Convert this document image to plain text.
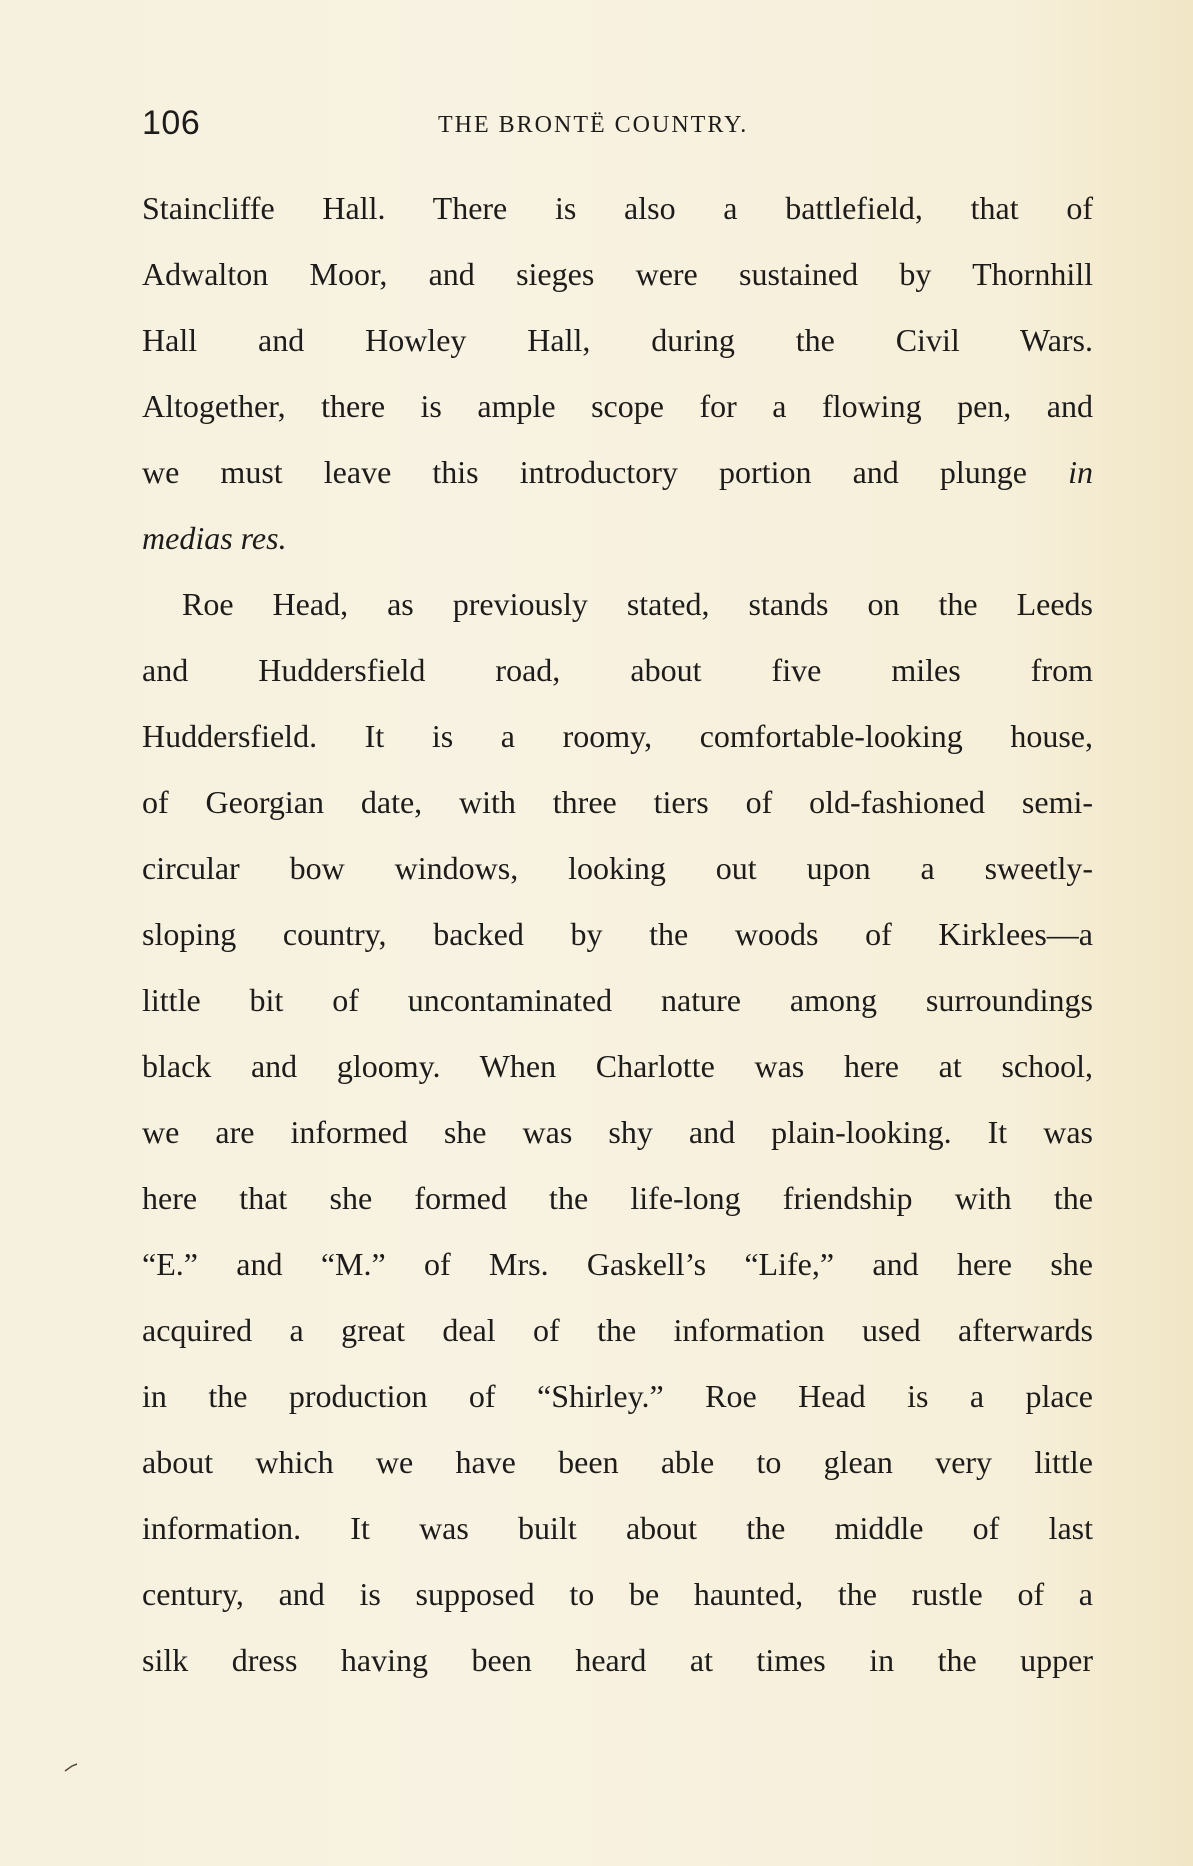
106	THE BRONTË COUNTRY.
Staincliffe Hall. There is also a battlefield, that of
Adwalton Moor, and sieges were sustained by Thornhill
Hall and Howley Hall, during the Civil Wars.
Altogether, there is ample scope for a flowing pen, and
we must leave this introductory portion and plunge in
medias res.
Roe Head, as previously stated, stands on the Leeds
and Huddersfield road, about five miles from
Huddersfield. It is a roomy, comfortable-looking house,
of Georgian date, with three tiers of old-fashioned semi-
circular bow windows, looking out upon a sweetly-
sloping country, backed by the woods of Kirklees—a
little bit of uncontaminated nature among surroundings
black and gloomy. When Charlotte was here at school,
we are informed she was shy and plain-looking. It was
here that she formed the life-long friendship with the
“E.” and “M.” of Mrs. Gaskell’s “Life,” and here she
acquired a great deal of the information used afterwards
in the production of “Shirley.” Roe Head is a place
about which we have been able to glean very little
information. It was built about the middle of last
century, and is supposed to be haunted, the rustle of a
silk dress having been heard at times in the upper
